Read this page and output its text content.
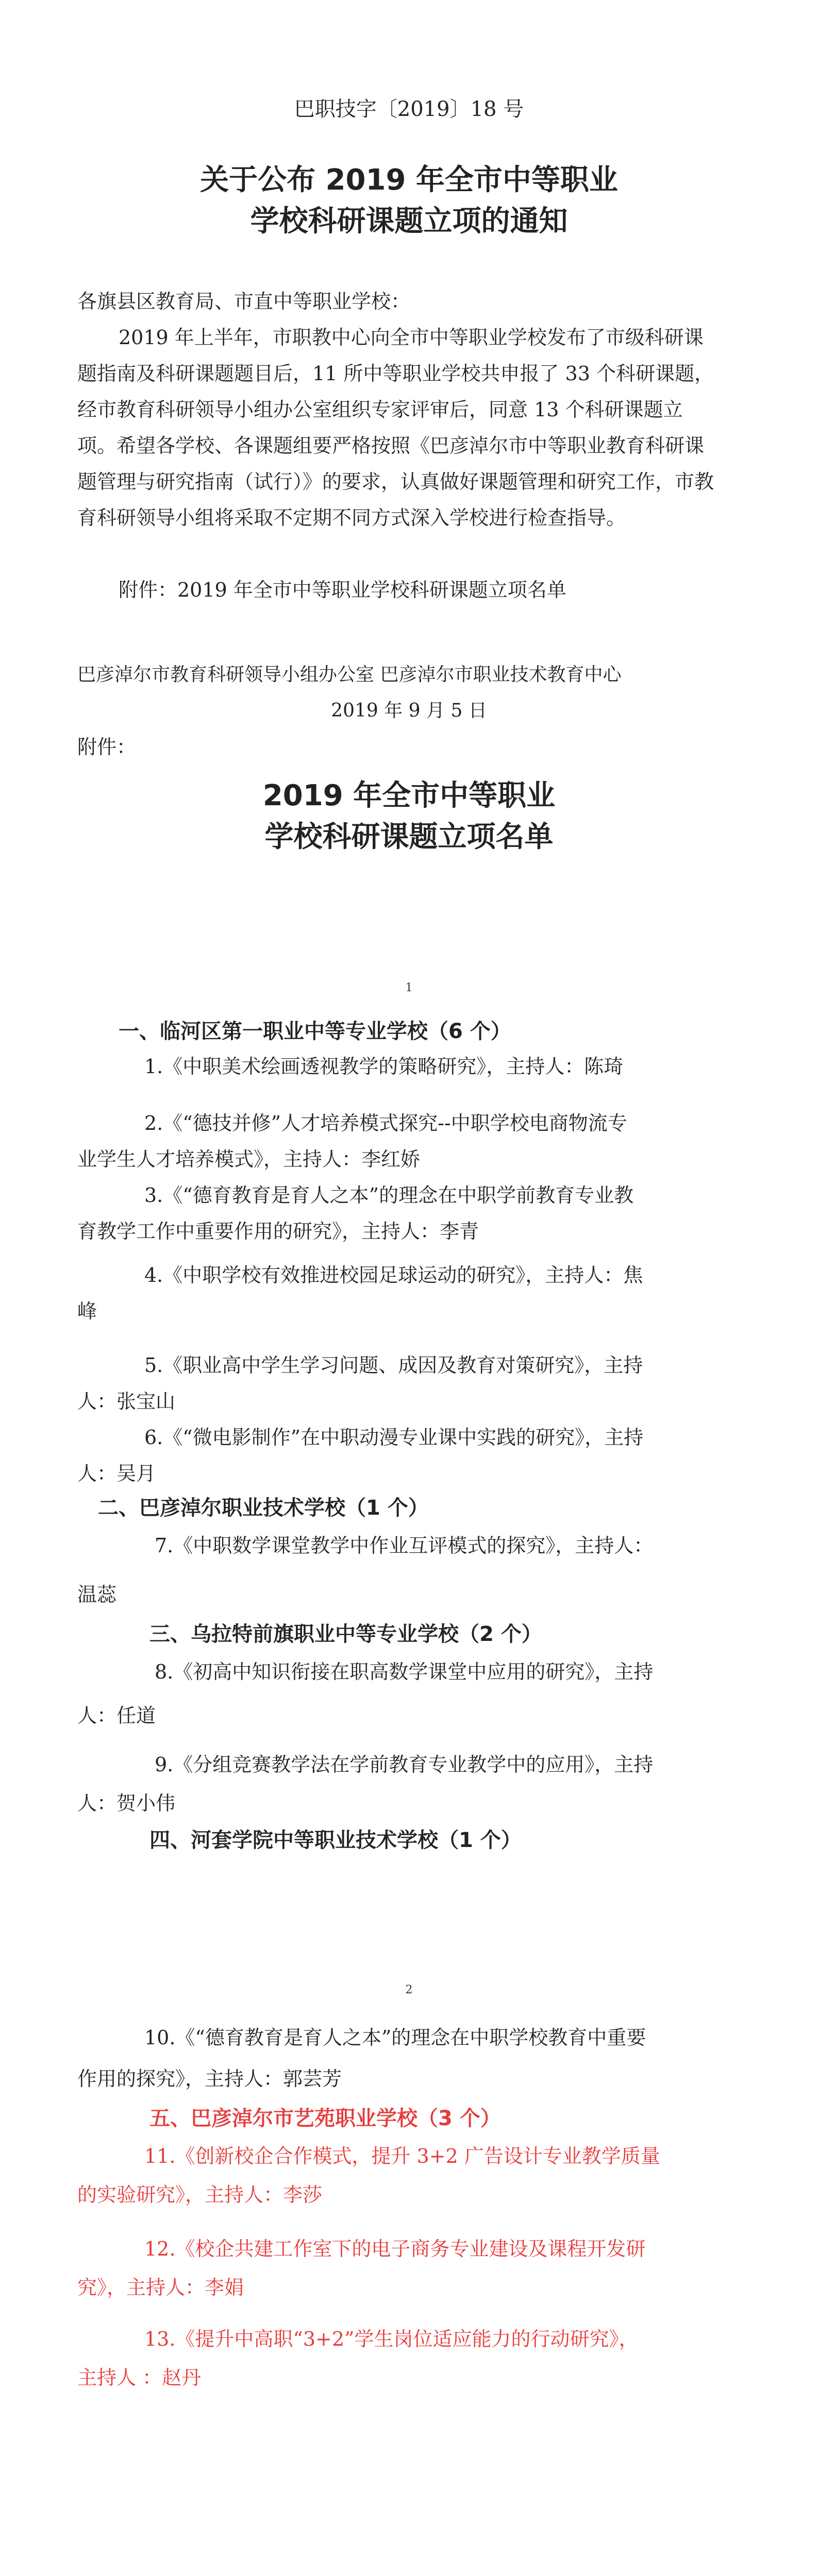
巴职技字〔2019〕18 号
关于公布 2019 年全市中等职业
学校科研课题立项的通知
各旗县区教育局、市直中等职业学校：
2019 年上半年，市职教中心向全市中等职业学校发布了市级科研课题指南及科研课题题目后，11 所中等职业学校共申报了 33 个科研课题，经市教育科研领导小组办公室组织专家评审后，同意 13 个科研课题立项。希望各学校、各课题组要严格按照《巴彦淖尔市中等职业教育科研课题管理与研究指南（试行）》的要求，认真做好课题管理和研究工作，市教育科研领导小组将采取不定期不同方式深入学校进行检查指导。
附件：2019 年全市中等职业学校科研课题立项名单
巴彦淖尔市教育科研领导小组办公室 巴彦淖尔市职业技术教育中心
2019 年 9 月 5 日
附件：
2019 年全市中等职业
学校科研课题立项名单
1
一、临河区第一职业中等专业学校（6 个）
1.《中职美术绘画透视教学的策略研究》，主持人：陈琦
2.《“德技并修”人才培养模式探究--中职学校电商物流专
业学生人才培养模式》，主持人：李红娇
3.《“德育教育是育人之本”的理念在中职学前教育专业教
育教学工作中重要作用的研究》，主持人：李青
4.《中职学校有效推进校园足球运动的研究》，主持人：焦
峰
5.《职业高中学生学习问题、成因及教育对策研究》，主持
人：张宝山
6.《“微电影制作”在中职动漫专业课中实践的研究》，主持
人：吴月
二、巴彦淖尔职业技术学校（1 个）
7.《中职数学课堂教学中作业互评模式的探究》，主持人：
温蕊
三、乌拉特前旗职业中等专业学校（2 个）
8.《初高中知识衔接在职高数学课堂中应用的研究》，主持
人：任道
9.《分组竞赛教学法在学前教育专业教学中的应用》，主持
人：贺小伟
四、河套学院中等职业技术学校（1 个）
2
10.《“德育教育是育人之本”的理念在中职学校教育中重要
作用的探究》，主持人：郭芸芳
五、巴彦淖尔市艺苑职业学校（3 个）
11.《创新校企合作模式，提升 3+2 广告设计专业教学质量
的实验研究》，主持人：李莎
12.《校企共建工作室下的电子商务专业建设及课程开发研
究》，主持人：李娟
13.《提升中高职“3+2”学生岗位适应能力的行动研究》，
主持人 ：赵丹
